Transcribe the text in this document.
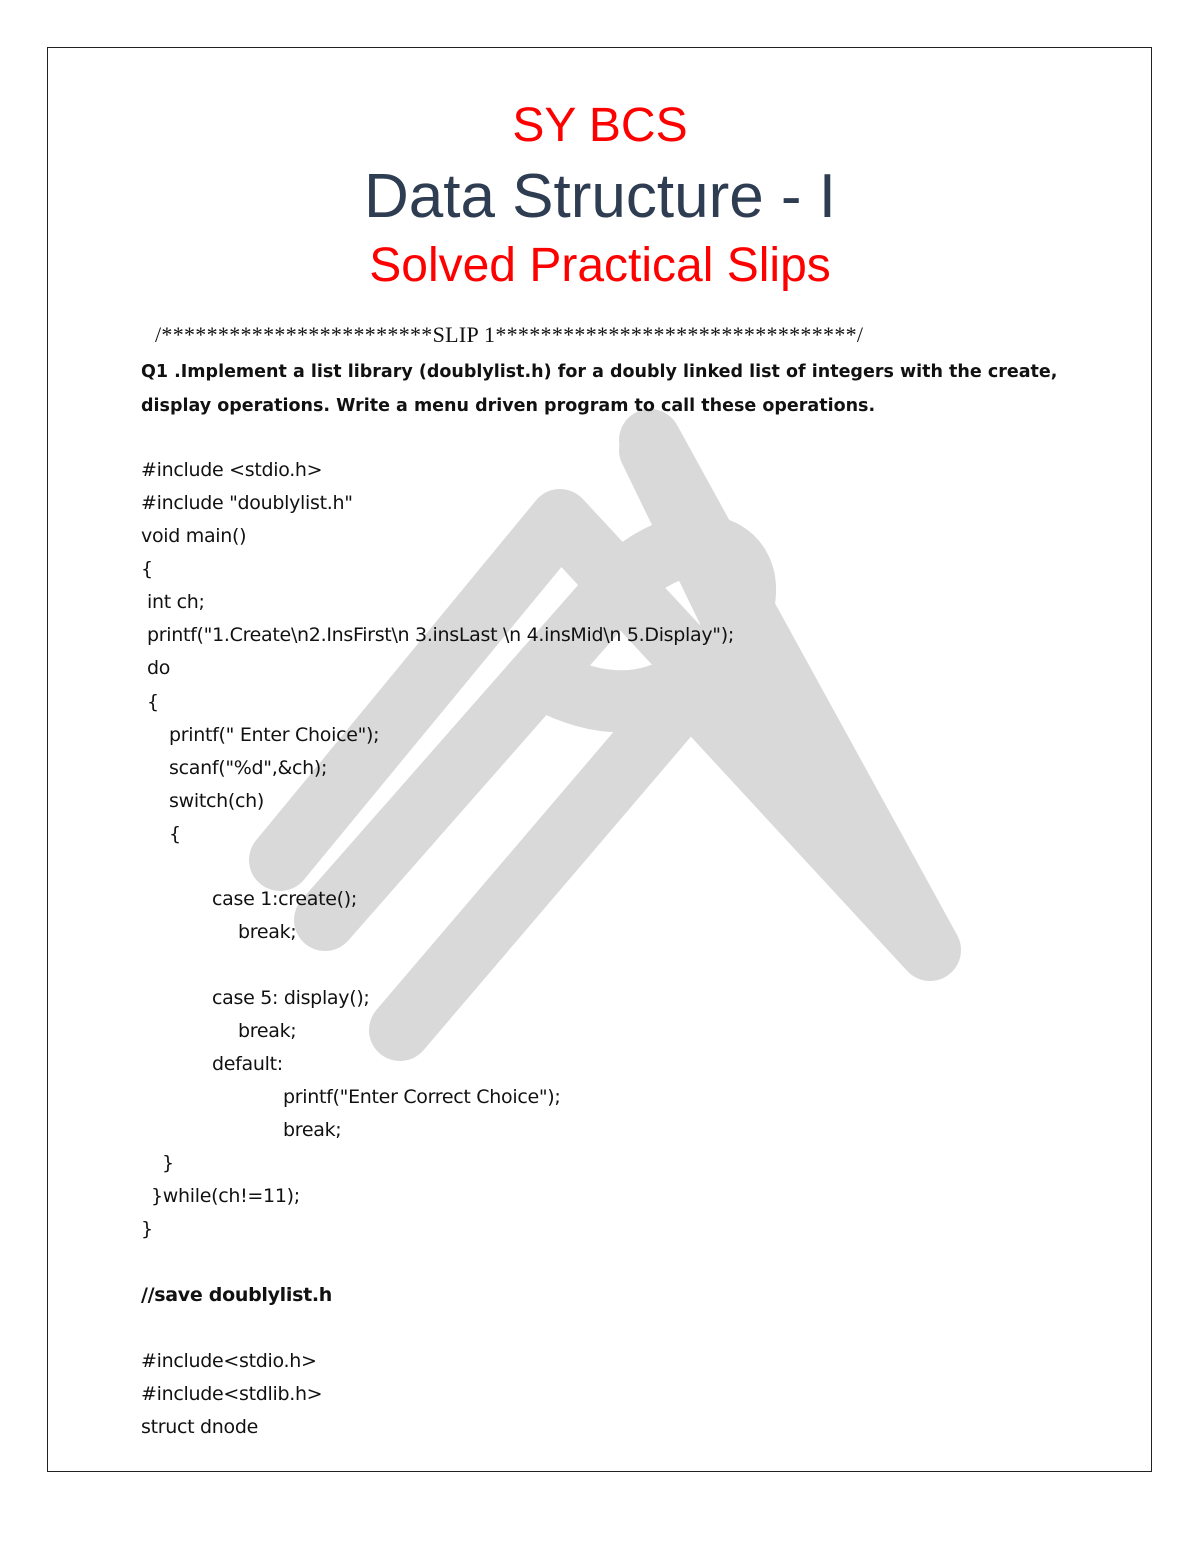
SY BCS
Data Structure - I
Solved Practical Slips
/************************SLIP 1********************************/
Q1 .Implement a list library (doublylist.h) for a doubly linked list of integers with the create, display operations. Write a menu driven program to call these operations.
#include <stdio.h>
#include "doublylist.h"
void main()
{
int ch;
printf("1.Create\n2.InsFirst\n 3.insLast \n 4.insMid\n 5.Display");
do
{
printf(" Enter Choice");
scanf("%d",&ch);
switch(ch)
{
case 1:create();
break;
case 5: display();
break;
default:
printf("Enter Correct Choice");
break;
}
}while(ch!=11);
}
//save doublylist.h
#include<stdio.h>
#include<stdlib.h>
struct dnode
